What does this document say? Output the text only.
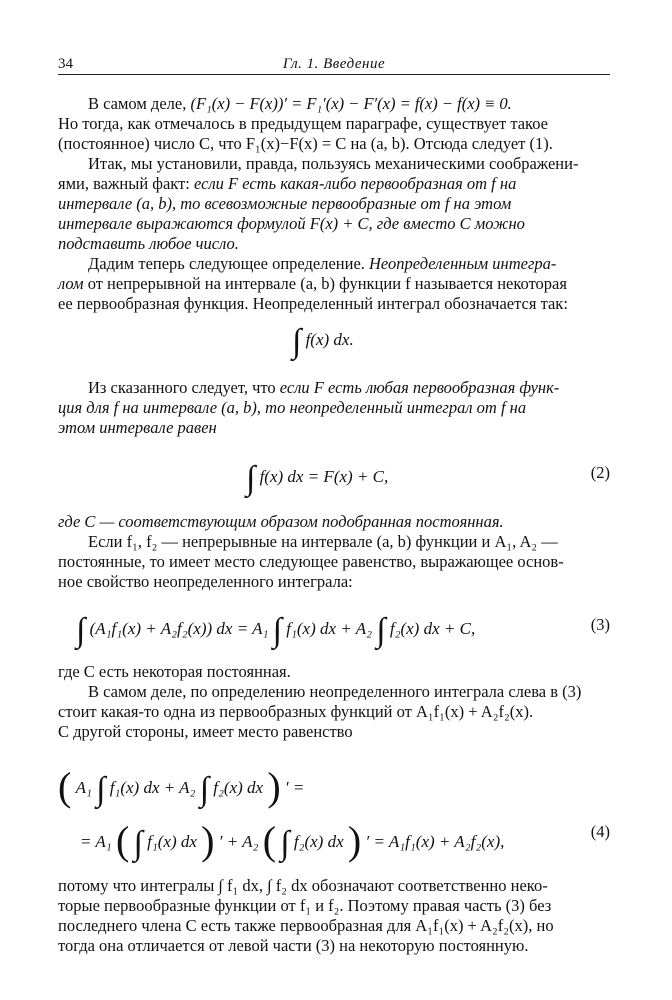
34	Гл. 1. Введение
В самом деле, (F₁(x) − F(x))′ = F₁′(x) − F′(x) = f(x) − f(x) ≡ 0.
Но тогда, как отмечалось в предыдущем параграфе, существует такое
(постоянное) число C, что F₁(x)−F(x) = C на (a, b). Отсюда следует (1).
Итак, мы установили, правда, пользуясь механическими соображени-
ями, важный факт: если F есть какая-либо первообразная от f на
интервале (a, b), то всевозможные первообразные от f на этом
интервале выражаются формулой F(x) + C, где вместо C можно
подставить любое число.
Дадим теперь следующее определение. Неопределенным интегра-
лом от непрерывной на интервале (a, b) функции f называется некоторая
ее первообразная функция. Неопределенный интеграл обозначается так:
∫ f(x) dx.
Из сказанного следует, что если F есть любая первообразная функ-
ция для f на интервале (a, b), то неопределенный интеграл от f на
этом интервале равен
∫ f(x) dx = F(x) + C,	(2)
где C — соответствующим образом подобранная постоянная.
Если f₁, f₂ — непрерывные на интервале (a, b) функции и A₁, A₂ —
постоянные, то имеет место следующее равенство, выражающее основ-
ное свойство неопределенного интеграла:
∫ (A₁f₁(x) + A₂f₂(x)) dx = A₁ ∫ f₁(x) dx + A₂ ∫ f₂(x) dx + C,	(3)
где C есть некоторая постоянная.
В самом деле, по определению неопределенного интеграла слева в (3)
стоит какая-то одна из первообразных функций от A₁f₁(x) + A₂f₂(x).
С другой стороны, имеет место равенство
( A₁ ∫ f₁(x) dx + A₂ ∫ f₂(x) dx ) ′ =
= A₁ ( ∫ f₁(x) dx ) ′ + A₂ ( ∫ f₂(x) dx ) ′ = A₁f₁(x) + A₂f₂(x),
(4)
потому что интегралы ∫ f₁ dx, ∫ f₂ dx обозначают соответственно неко-
торые первообразные функции от f₁ и f₂. Поэтому правая часть (3) без
последнего члена C есть также первообразная для A₁f₁(x) + A₂f₂(x), но
тогда она отличается от левой части (3) на некоторую постоянную.
